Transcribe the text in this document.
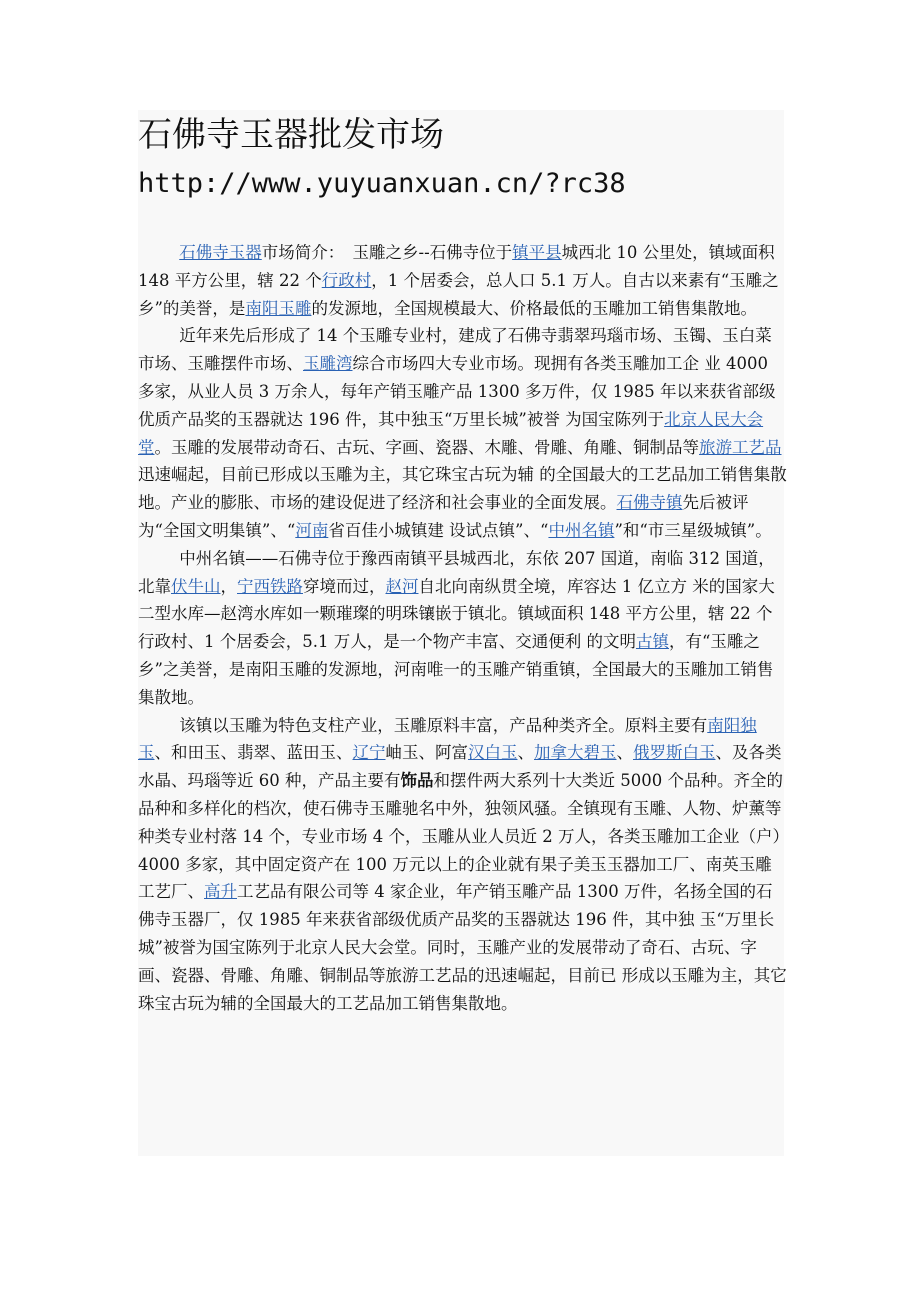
石佛寺玉器批发市场
http://www.yuyuanxuan.cn/?rc38

石佛寺玉器市场简介：　玉雕之乡--石佛寺位于镇平县城西北 10 公里处，镇域面积 148 平方公里，辖 22 个行政村，1 个居委会，总人口 5.1 万人。自古以来素有“玉雕之乡”的美誉，是南阳玉雕的发源地，全国规模最大、价格最低的玉雕加工销售集散地。

近年来先后形成了 14 个玉雕专业村，建成了石佛寺翡翠玛瑙市场、玉镯、玉白菜市场、玉雕摆件市场、玉雕湾综合市场四大专业市场。现拥有各类玉雕加工企 业 4000 多家，从业人员 3 万余人，每年产销玉雕产品 1300 多万件，仅 1985 年以来获省部级优质产品奖的玉器就达 196 件，其中独玉“万里长城”被誉 为国宝陈列于北京人民大会堂。玉雕的发展带动奇石、古玩、字画、瓷器、木雕、骨雕、角雕、铜制品等旅游工艺品迅速崛起，目前已形成以玉雕为主，其它珠宝古玩为辅 的全国最大的工艺品加工销售集散地。产业的膨胀、市场的建设促进了经济和社会事业的全面发展。石佛寺镇先后被评为“全国文明集镇”、“河南省百佳小城镇建 设试点镇”、“中州名镇”和“市三星级城镇”。

中州名镇——石佛寺位于豫西南镇平县城西北，东依 207 国道，南临 312 国道，北靠伏牛山，宁西铁路穿境而过，赵河自北向南纵贯全境，库容达 1 亿立方 米的国家大二型水库—赵湾水库如一颗璀璨的明珠镶嵌于镇北。镇域面积 148 平方公里，辖 22 个行政村、1 个居委会，5.1 万人，是一个物产丰富、交通便利 的文明古镇，有“玉雕之乡”之美誉，是南阳玉雕的发源地，河南唯一的玉雕产销重镇，全国最大的玉雕加工销售集散地。

该镇以玉雕为特色支柱产业，玉雕原料丰富，产品种类齐全。原料主要有南阳独玉、和田玉、翡翠、蓝田玉、辽宁岫玉、阿富汉白玉、加拿大碧玉、俄罗斯白玉、及各类水晶、玛瑙等近 60 种，产品主要有饰品和摆件两大系列十大类近 5000 个品种。齐全的品种和多样化的档次，使石佛寺玉雕驰名中外，独领风骚。全镇现有玉雕、人物、炉薰等种类专业村落 14 个，专业市场 4 个，玉雕从业人员近 2 万人，各类玉雕加工企业（户）4000 多家，其中固定资产在 100 万元以上的企业就有果子美玉玉器加工厂、南英玉雕工艺厂、高升工艺品有限公司等 4 家企业，年产销玉雕产品 1300 万件，名扬全国的石佛寺玉器厂，仅 1985 年来获省部级优质产品奖的玉器就达 196 件，其中独 玉“万里长城”被誉为国宝陈列于北京人民大会堂。同时，玉雕产业的发展带动了奇石、古玩、字画、瓷器、骨雕、角雕、铜制品等旅游工艺品的迅速崛起，目前已 形成以玉雕为主，其它珠宝古玩为辅的全国最大的工艺品加工销售集散地。
